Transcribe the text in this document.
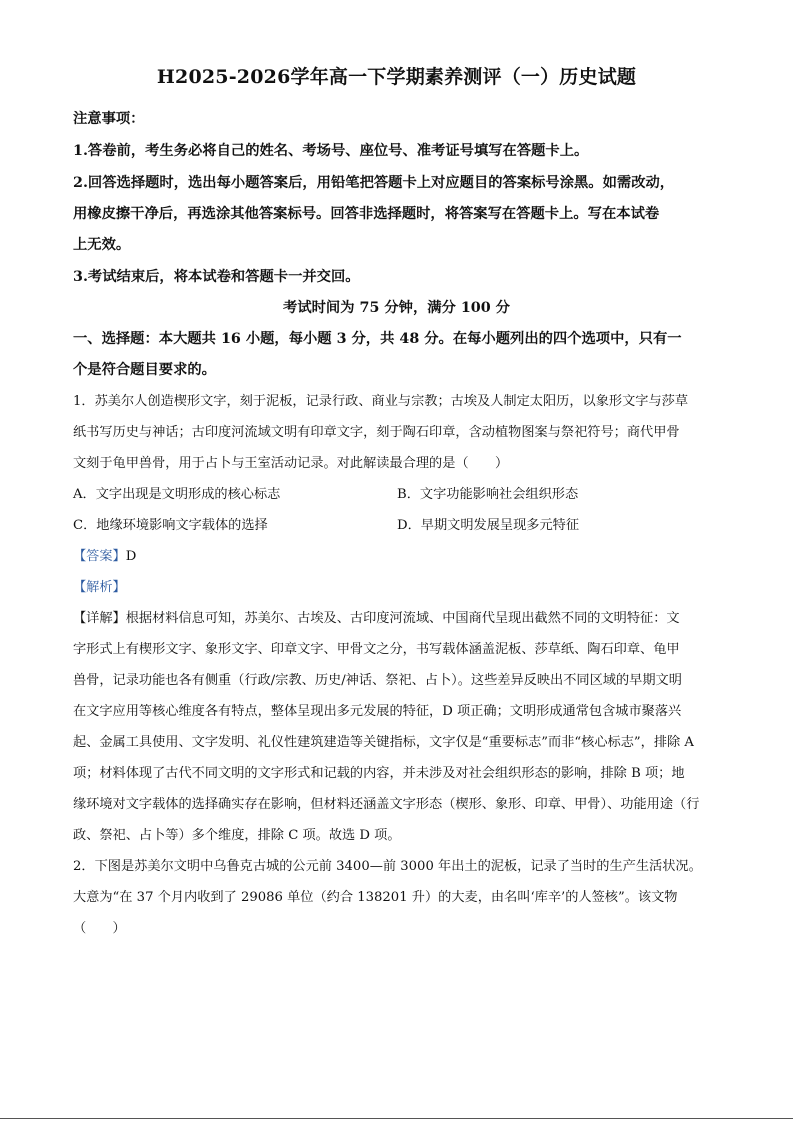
H2025-2026学年高一下学期素养测评（一）历史试题
注意事项：
1.答卷前，考生务必将自己的姓名、考场号、座位号、准考证号填写在答题卡上。
2.回答选择题时，选出每小题答案后，用铅笔把答题卡上对应题目的答案标号涂黑。如需改动，
用橡皮擦干净后，再选涂其他答案标号。回答非选择题时，将答案写在答题卡上。写在本试卷
上无效。
3.考试结束后，将本试卷和答题卡一并交回。
考试时间为 75 分钟，满分 100 分
一、选择题：本大题共 16 小题，每小题 3 分，共 48 分。在每小题列出的四个选项中，只有一
个是符合题目要求的。
1．苏美尔人创造楔形文字，刻于泥板，记录行政、商业与宗教；古埃及人制定太阳历，以象形文字与莎草
纸书写历史与神话；古印度河流域文明有印章文字，刻于陶石印章，含动植物图案与祭祀符号；商代甲骨
文刻于龟甲兽骨，用于占卜与王室活动记录。对此解读最合理的是（　　）
A．文字出现是文明形成的核心标志	B．文字功能影响社会组织形态
C．地缘环境影响文字载体的选择	D．早期文明发展呈现多元特征
【答案】D
【解析】
【详解】根据材料信息可知，苏美尔、古埃及、古印度河流域、中国商代呈现出截然不同的文明特征：文
字形式上有楔形文字、象形文字、印章文字、甲骨文之分，书写载体涵盖泥板、莎草纸、陶石印章、龟甲
兽骨，记录功能也各有侧重（行政/宗教、历史/神话、祭祀、占卜）。这些差异反映出不同区域的早期文明
在文字应用等核心维度各有特点，整体呈现出多元发展的特征，D 项正确；文明形成通常包含城市聚落兴
起、金属工具使用、文字发明、礼仪性建筑建造等关键指标，文字仅是“重要标志”而非“核心标志”，排除 A
项；材料体现了古代不同文明的文字形式和记载的内容，并未涉及对社会组织形态的影响，排除 B 项；地
缘环境对文字载体的选择确实存在影响，但材料还涵盖文字形态（楔形、象形、印章、甲骨）、功能用途（行
政、祭祀、占卜等）多个维度，排除 C 项。故选 D 项。
2．下图是苏美尔文明中乌鲁克古城的公元前 3400—前 3000 年出土的泥板，记录了当时的生产生活状况。
大意为“在 37 个月内收到了 29086 单位（约合 138201 升）的大麦，由名叫‘库辛’的人签核”。该文物
（　　）
